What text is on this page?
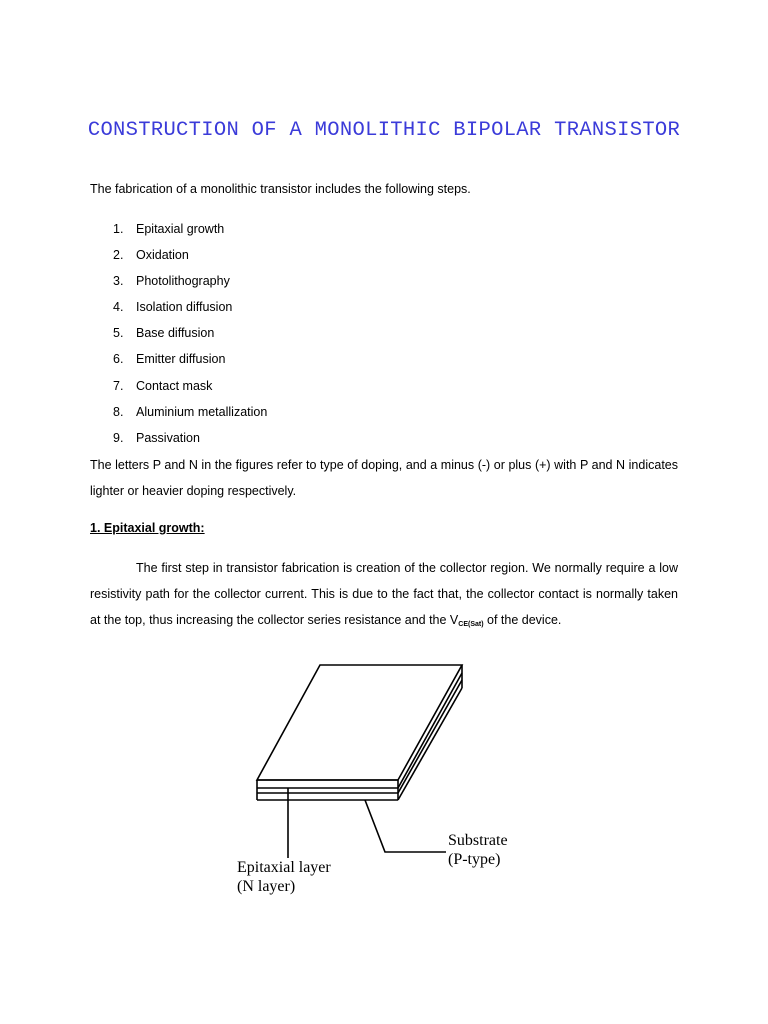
CONSTRUCTION OF A MONOLITHIC BIPOLAR TRANSISTOR
The fabrication of a monolithic transistor includes the following steps.
1. Epitaxial growth
2. Oxidation
3. Photolithography
4. Isolation diffusion
5. Base diffusion
6. Emitter diffusion
7. Contact mask
8. Aluminium metallization
9. Passivation

The letters P and N in the figures refer to type of doping, and a minus (-) or plus (+) with P and N indicates lighter or heavier doping respectively.

1. Epitaxial growth:

The first step in transistor fabrication is creation of the collector region. We normally require a low resistivity path for the collector current. This is due to the fact that, the collector contact is normally taken at the top, thus increasing the collector series resistance and the $V_{CE(Sat)}$ of the device.

Substrate
(P-type)
Epitaxial layer
(N layer)
